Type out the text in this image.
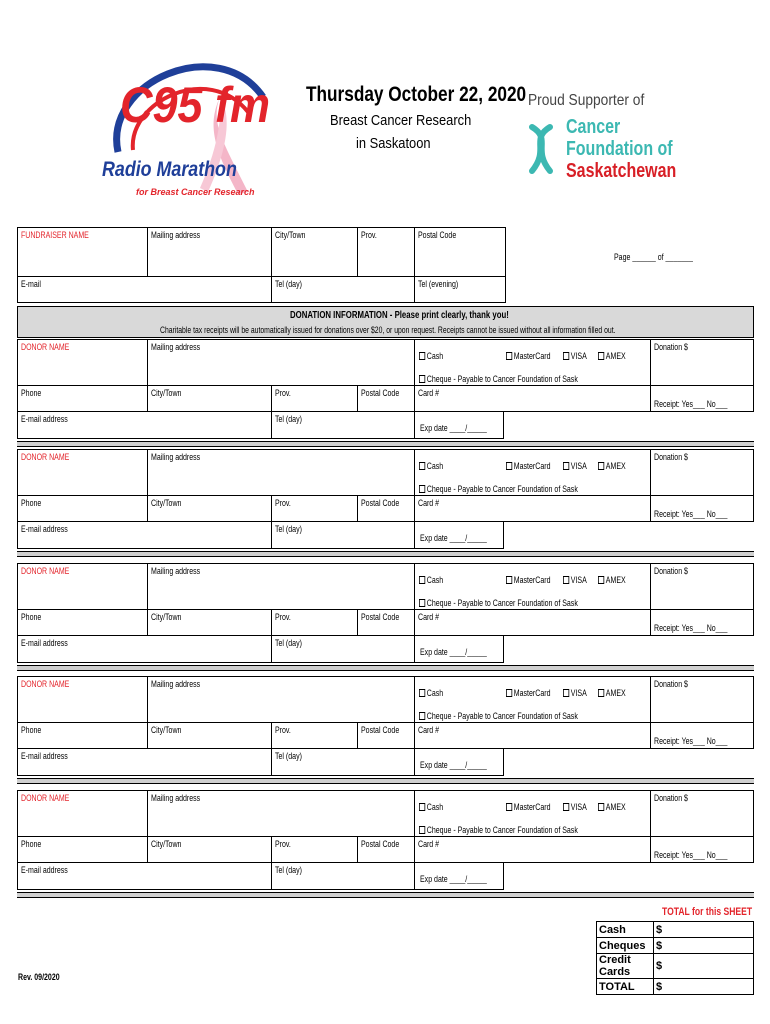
C95 fm
Radio Marathon
for Breast Cancer Research
Thursday October 22, 2020
Breast Cancer Research
in Saskatoon
Proud Supporter of
Cancer
Foundation of
Saskatchewan
FUNDRAISER NAME	Mailing address	City/Town	Prov.	Postal Code
Page ______ of _______
E-mail	Tel (day)	Tel (evening)
DONATION INFORMATION - Please print clearly, thank you!
Charitable tax receipts will be automatically issued for donations over $20, or upon request. Receipts cannot be issued without all information filled out.
DONOR NAME	Mailing address
Cash	MasterCard	VISA	AMEX
Cheque - Payable to Cancer Foundation of Sask
Donation $
Phone	City/Town	Prov.	Postal Code Card #
Receipt: Yes___ No___
E-mail address	Tel (day)
Exp date ____/_____
DONOR NAME	Mailing address
Cash	MasterCard	VISA	AMEX
Cheque - Payable to Cancer Foundation of Sask
Donation $
Phone	City/Town	Prov.	Postal Code Card #
Receipt: Yes___ No___
E-mail address	Tel (day)
Exp date ____/_____
DONOR NAME	Mailing address
Cash	MasterCard	VISA	AMEX
Cheque - Payable to Cancer Foundation of Sask
Donation $
Phone	City/Town	Prov.	Postal Code Card #
Receipt: Yes___ No___
E-mail address	Tel (day)
Exp date ____/_____
DONOR NAME	Mailing address
Cash	MasterCard	VISA	AMEX
Cheque - Payable to Cancer Foundation of Sask
Donation $
Phone	City/Town	Prov.	Postal Code Card #
Receipt: Yes___ No___
E-mail address	Tel (day)
Exp date ____/_____
DONOR NAME	Mailing address
Cash	MasterCard	VISA	AMEX
Cheque - Payable to Cancer Foundation of Sask
Donation $
Phone	City/Town	Prov.	Postal Code Card #
Receipt: Yes___ No___
E-mail address	Tel (day)
Exp date ____/_____
TOTAL for this SHEET
Cash	$
Cheques	$
Credit Cards	$
TOTAL	$
Rev. 09/2020
